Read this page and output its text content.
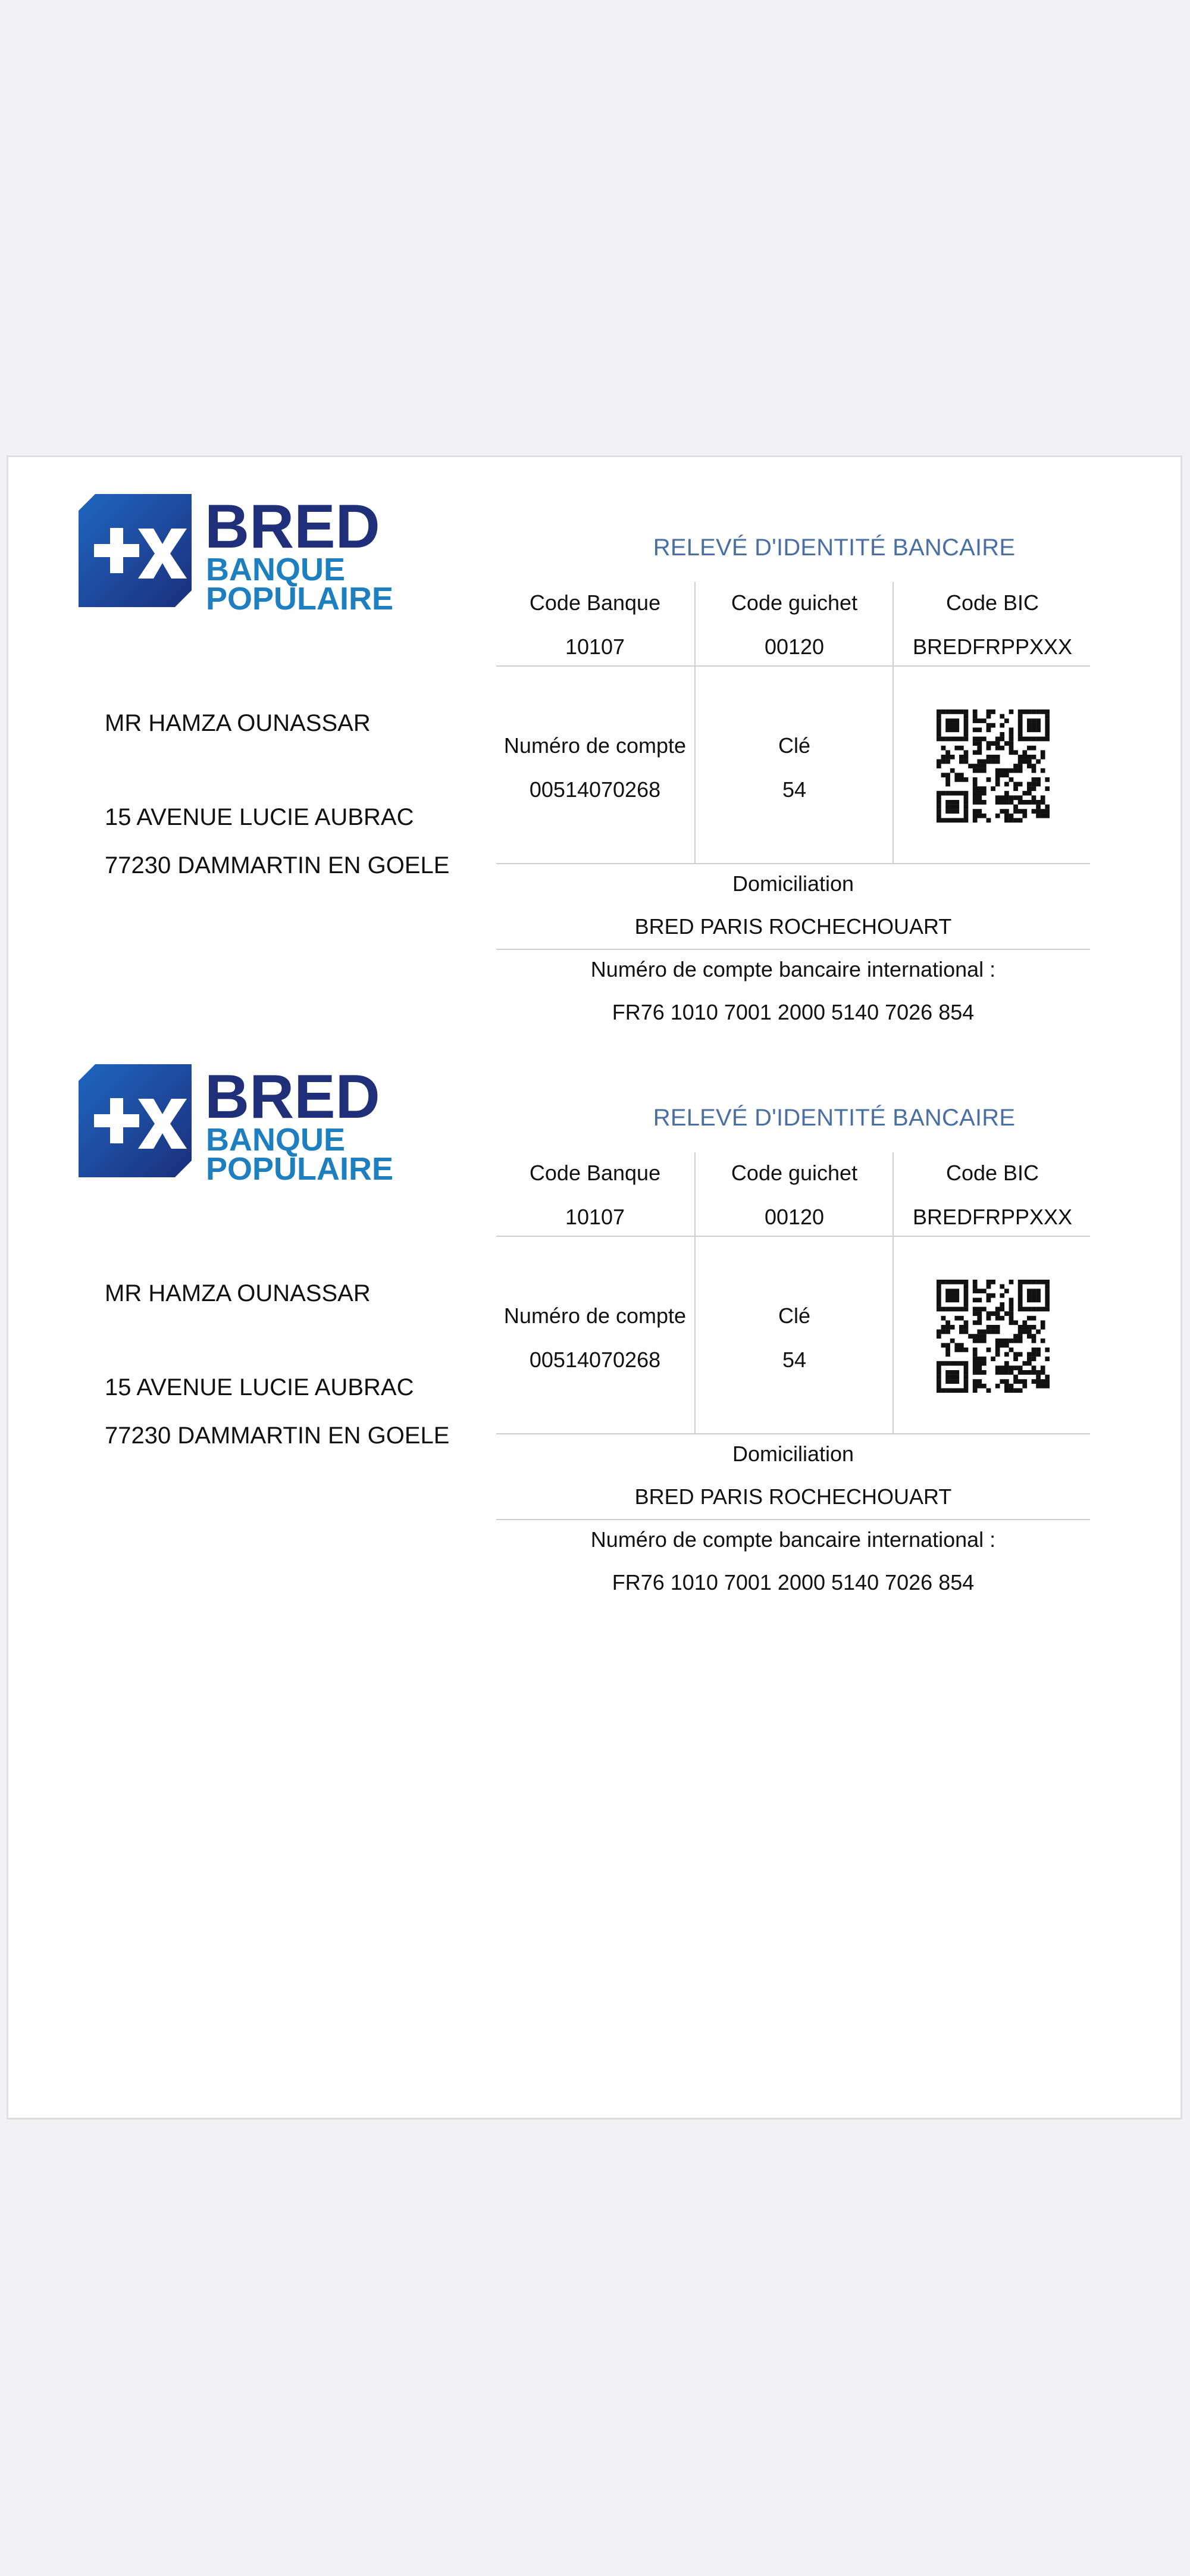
BRED
BANQUE
POPULAIRE
MR HAMZA OUNASSAR
15 AVENUE LUCIE AUBRAC
77230 DAMMARTIN EN GOELE
RELEVÉ D'IDENTITÉ BANCAIRE
Code Banque
10107
Code guichet
00120
Code BIC
BREDFRPPXXX
Numéro de compte
00514070268
Clé
54
Domiciliation
BRED PARIS ROCHECHOUART
Numéro de compte bancaire international :
FR76 1010 7001 2000 5140 7026 854
BRED
BANQUE
POPULAIRE
MR HAMZA OUNASSAR
15 AVENUE LUCIE AUBRAC
77230 DAMMARTIN EN GOELE
RELEVÉ D'IDENTITÉ BANCAIRE
Code Banque
10107
Code guichet
00120
Code BIC
BREDFRPPXXX
Numéro de compte
00514070268
Clé
54
Domiciliation
BRED PARIS ROCHECHOUART
Numéro de compte bancaire international :
FR76 1010 7001 2000 5140 7026 854
